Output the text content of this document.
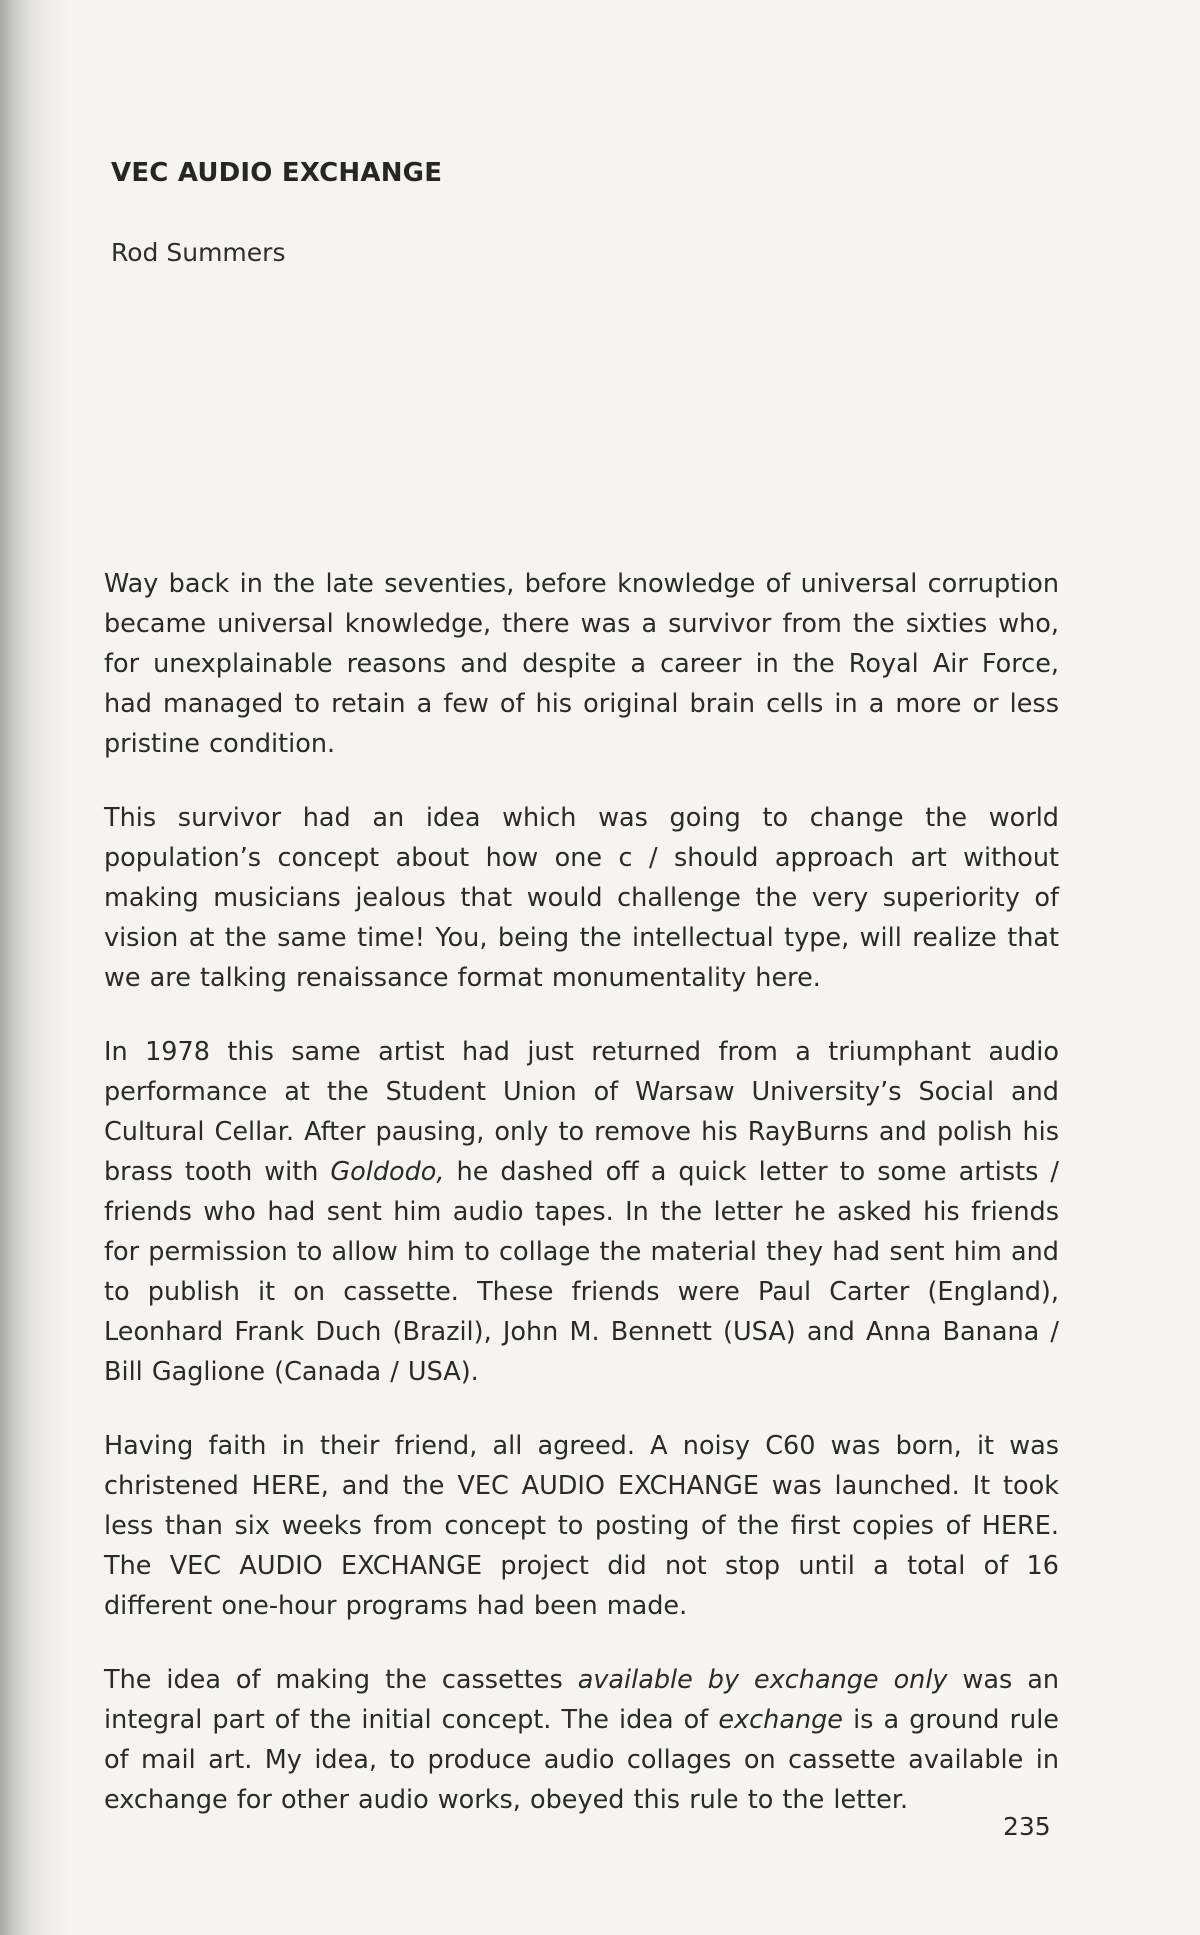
VEC AUDIO EXCHANGE
Rod Summers

Way back in the late seventies, before knowledge of universal corruption became universal knowledge, there was a survivor from the sixties who, for unexplainable reasons and despite a career in the Royal Air Force, had managed to retain a few of his original brain cells in a more or less pristine condition.

This survivor had an idea which was going to change the world population’s concept about how one c / should approach art without making musicians jealous that would challenge the very superiority of vision at the same time! You, being the intellectual type, will realize that we are talking renaissance format monumentality here.

In 1978 this same artist had just returned from a triumphant audio performance at the Student Union of Warsaw University’s Social and Cultural Cellar. After pausing, only to remove his RayBurns and polish his brass tooth with Goldodo, he dashed off a quick letter to some artists / friends who had sent him audio tapes. In the letter he asked his friends for permission to allow him to collage the material they had sent him and to publish it on cassette. These friends were Paul Carter (England), Leonhard Frank Duch (Brazil), John M. Bennett (USA) and Anna Banana / Bill Gaglione (Canada / USA).

Having faith in their friend, all agreed. A noisy C60 was born, it was christened HERE, and the VEC AUDIO EXCHANGE was launched. It took less than six weeks from concept to posting of the first copies of HERE. The VEC AUDIO EXCHANGE project did not stop until a total of 16 different one-hour programs had been made.

The idea of making the cassettes available by exchange only was an integral part of the initial concept. The idea of exchange is a ground rule of mail art. My idea, to produce audio collages on cassette available in exchange for other audio works, obeyed this rule to the letter.

235
